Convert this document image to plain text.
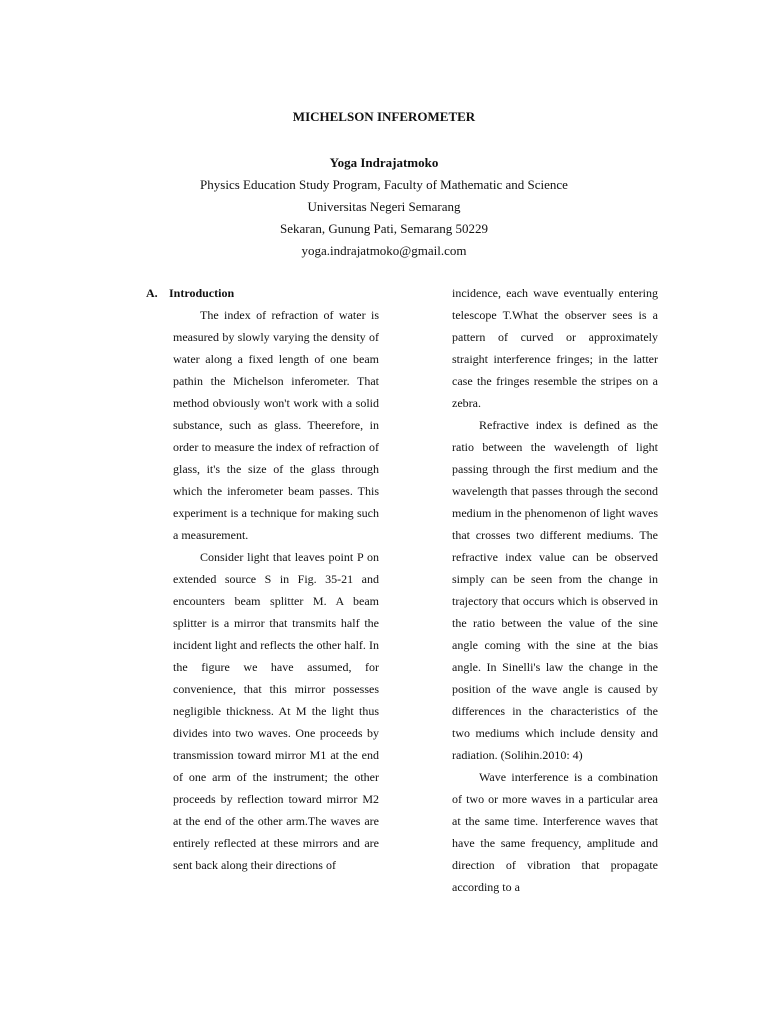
MICHELSON INFEROMETER
Yoga Indrajatmoko
Physics Education Study Program, Faculty of Mathematic and Science
Universitas Negeri Semarang
Sekaran, Gunung Pati, Semarang 50229
yoga.indrajatmoko@gmail.com
A. Introduction

The index of refraction of water is measured by slowly varying the density of water along a fixed length of one beam pathin the Michelson inferometer. That method obviously won't work with a solid substance, such as glass. Theerefore, in order to measure the index of refraction of glass, it's the size of the glass through which the inferometer beam passes. This experiment is a technique for making such a measurement.

Consider light that leaves point P on extended source S in Fig. 35-21 and encounters beam splitter M. A beam splitter is a mirror that transmits half the incident light and reflects the other half. In the figure we have assumed, for convenience, that this mirror possesses negligible thickness. At M the light thus divides into two waves. One proceeds by transmission toward mirror M1 at the end of one arm of the instrument; the other proceeds by reflection toward mirror M2 at the end of the other arm.The waves are entirely reflected at these mirrors and are sent back along their directions of

incidence, each wave eventually entering telescope T.What the observer sees is a pattern of curved or approximately straight interference fringes; in the latter case the fringes resemble the stripes on a zebra.

Refractive index is defined as the ratio between the wavelength of light passing through the first medium and the wavelength that passes through the second medium in the phenomenon of light waves that crosses two different mediums. The refractive index value can be observed simply can be seen from the change in trajectory that occurs which is observed in the ratio between the value of the sine angle coming with the sine at the bias angle. In Sinelli's law the change in the position of the wave angle is caused by differences in the characteristics of the two mediums which include density and radiation. (Solihin.2010: 4)

Wave interference is a combination of two or more waves in a particular area at the same time. Interference waves that have the same frequency, amplitude and direction of vibration that propagate according to a
